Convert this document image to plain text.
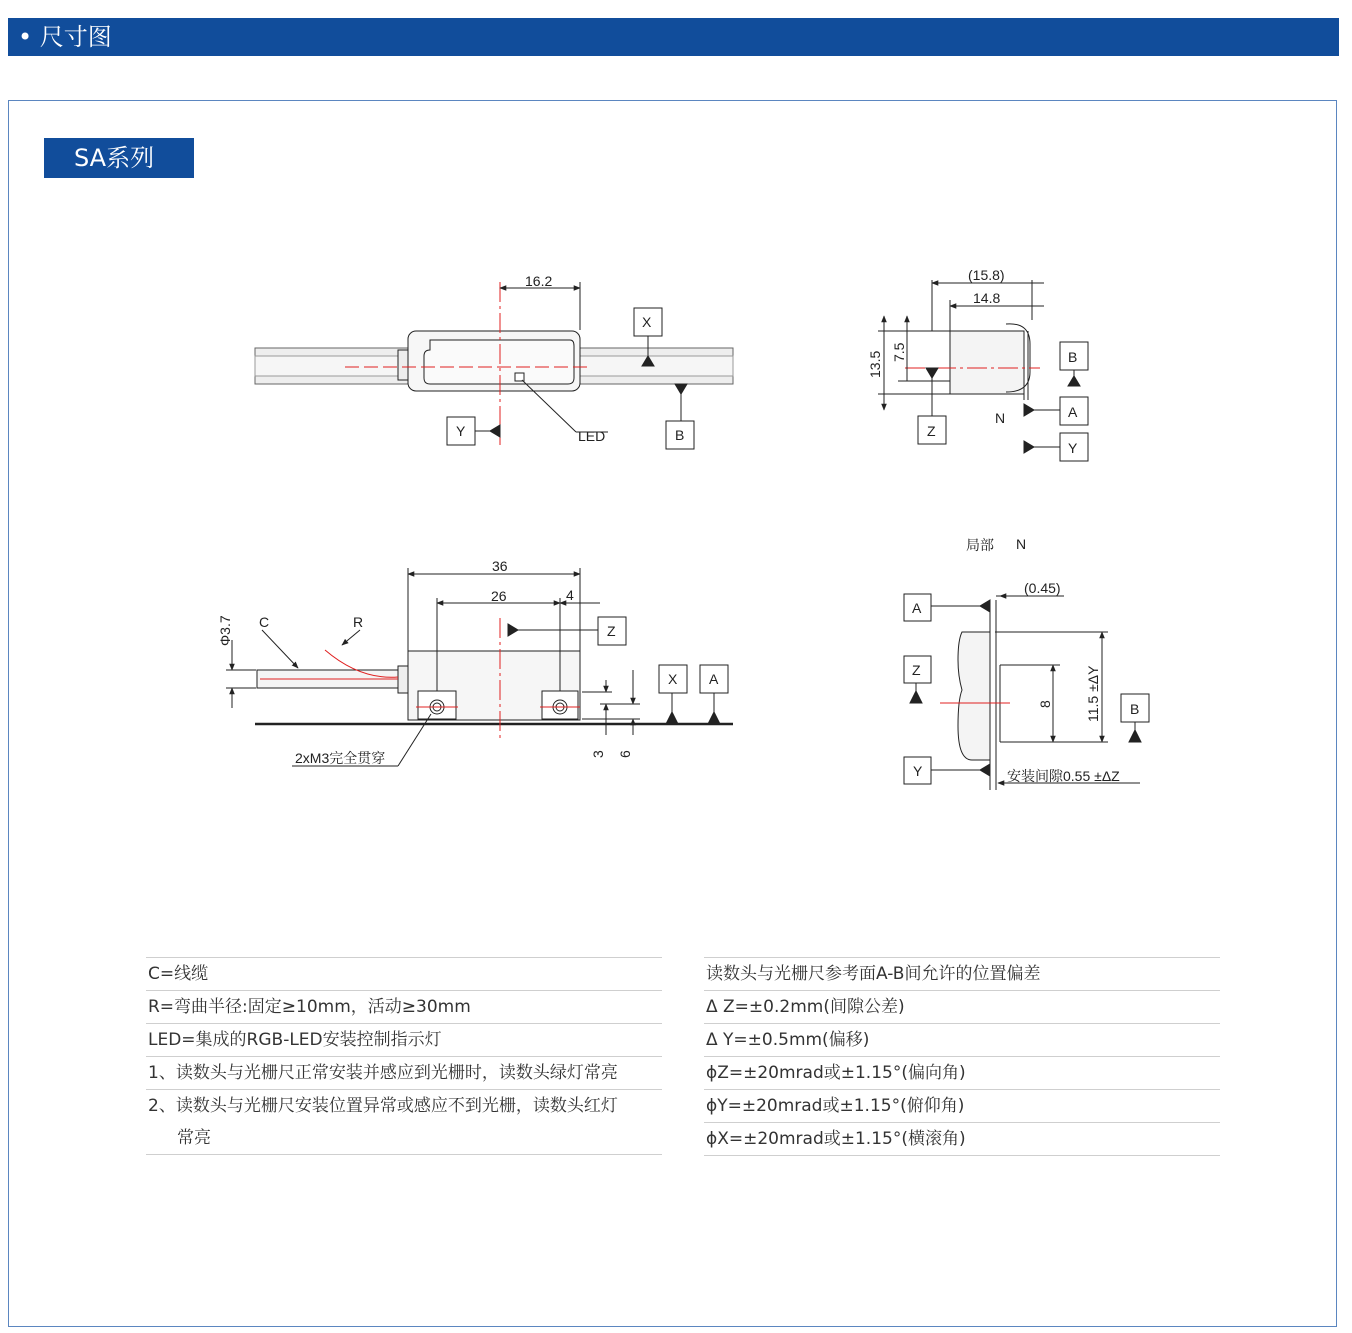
• 尺寸图
SA系列
16.2
LED
X
Y	B
(15.8)
14.8
13.5 7.5
Z
B
A
Y
N
36
26	4
Φ3.7 C	R
Z
X A
3 6
2xM3完全贯穿
局部 N
(0.45)
11.5 ±ΔY
8
A
Z
Y
B
安装间隙0.55 ±ΔZ
C=线缆
R=弯曲半径:固定≥10mm，活动≥30mm
LED=集成的RGB-LED安装控制指示灯
1、读数头与光栅尺正常安装并感应到光栅时，读数头绿灯常亮
2、读数头与光栅尺安装位置异常或感应不到光栅，读数头红灯
常亮
读数头与光栅尺参考面A-B间允许的位置偏差
Δ Z=±0.2mm(间隙公差)
Δ Y=±0.5mm(偏移)
ϕZ=±20mrad或±1.15°(偏向角)
ϕY=±20mrad或±1.15°(俯仰角)
ϕX=±20mrad或±1.15°(横滚角)
